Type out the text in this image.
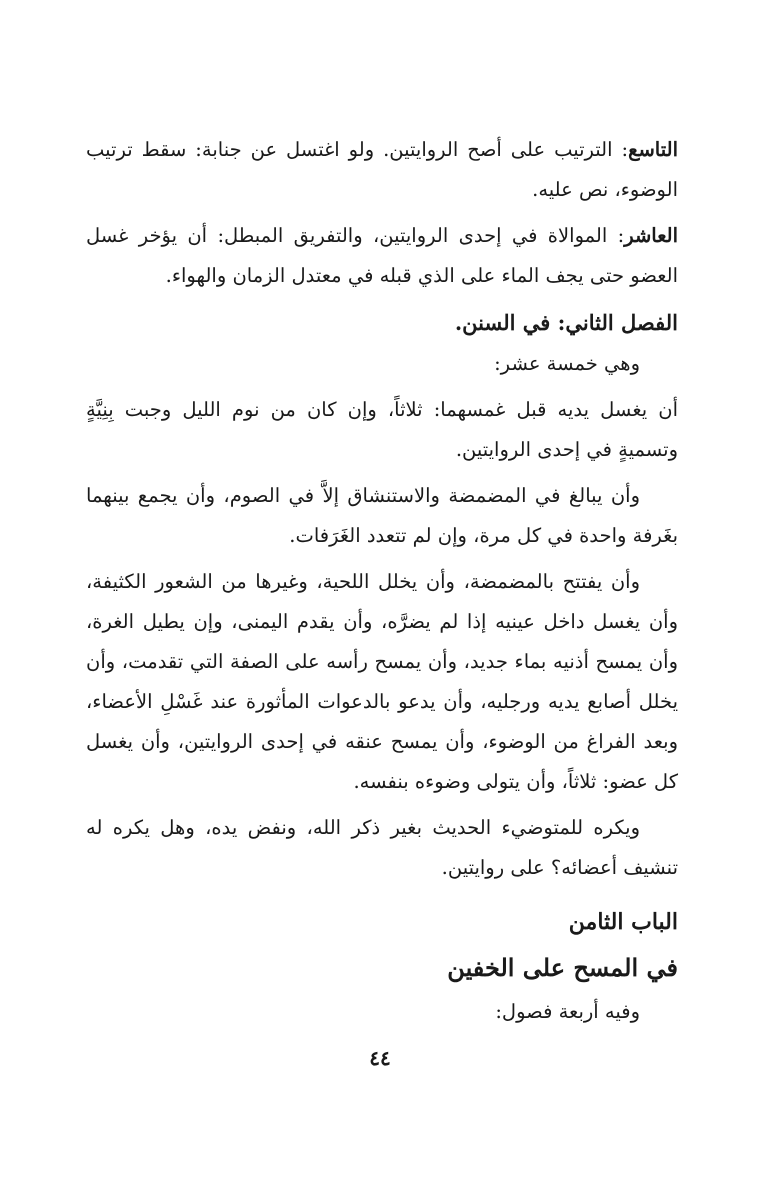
التاسع: الترتيب على أصح الروايتين. ولو اغتسل عن جنابة: سقط ترتيب الوضوء، نص عليه.

العاشر: الموالاة في إحدى الروايتين، والتفريق المبطل: أن يؤخر غسل العضو حتى يجف الماء على الذي قبله في معتدل الزمان والهواء.

الفصل الثاني: في السنن.

وهي خمسة عشر:

أن يغسل يديه قبل غمسهما: ثلاثاً، وإن كان من نوم الليل وجبت بِنِيَّةٍ وتسميةٍ في إحدى الروايتين.

وأن يبالغ في المضمضة والاستنشاق إلاَّ في الصوم، وأن يجمع بينهما بغَرفة واحدة في كل مرة، وإن لم تتعدد الغَرَفات.

وأن يفتتح بالمضمضة، وأن يخلل اللحية، وغيرها من الشعور الكثيفة، وأن يغسل داخل عينيه إذا لم يضرَّه، وأن يقدم اليمنى، وإن يطيل الغرة، وأن يمسح أذنيه بماء جديد، وأن يمسح رأسه على الصفة التي تقدمت، وأن يخلل أصابع يديه ورجليه، وأن يدعو بالدعوات المأثورة عند غَسْلِ الأعضاء، وبعد الفراغ من الوضوء، وأن يمسح عنقه في إحدى الروايتين، وأن يغسل كل عضو: ثلاثاً، وأن يتولى وضوءه بنفسه.

ويكره للمتوضيء الحديث بغير ذكر الله، ونفض يده، وهل يكره له تنشيف أعضائه؟ على روايتين.

الباب الثامن

في المسح على الخفين

وفيه أربعة فصول:

٤٤
